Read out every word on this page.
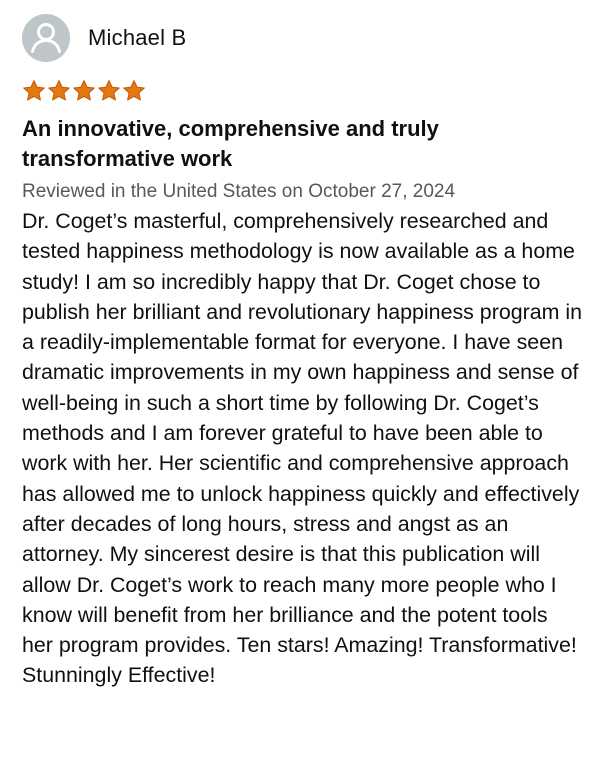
Michael B
An innovative, comprehensive and truly transformative work
Reviewed in the United States on October 27, 2024
Dr. Coget’s masterful, comprehensively researched and tested happiness methodology is now available as a home study! I am so incredibly happy that Dr. Coget chose to publish her brilliant and revolutionary happiness program in a readily-implementable format for everyone. I have seen dramatic improvements in my own happiness and sense of well-being in such a short time by following Dr. Coget’s methods and I am forever grateful to have been able to work with her. Her scientific and comprehensive approach has allowed me to unlock happiness quickly and effectively after decades of long hours, stress and angst as an attorney. My sincerest desire is that this publication will allow Dr. Coget’s work to reach many more people who I know will benefit from her brilliance and the potent tools her program provides. Ten stars! Amazing! Transformative! Stunningly Effective!
